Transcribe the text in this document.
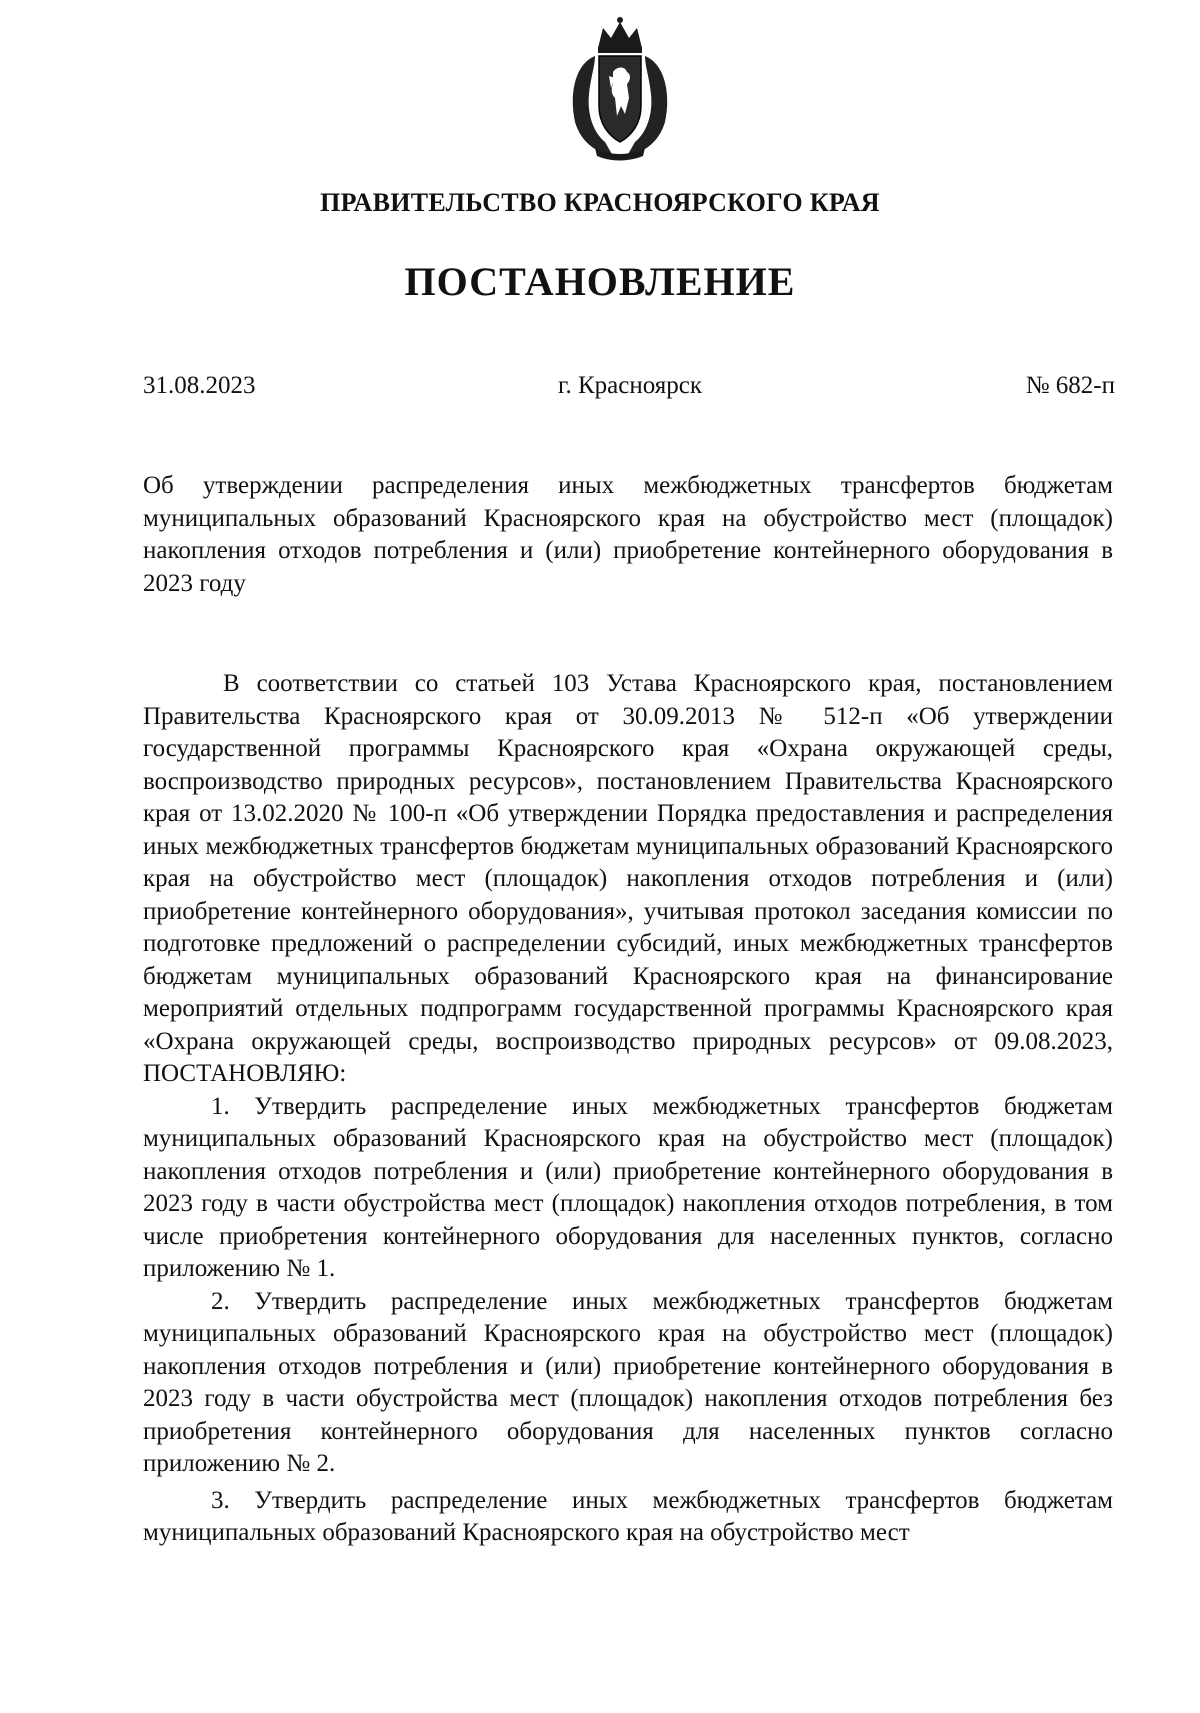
ПРАВИТЕЛЬСТВО КРАСНОЯРСКОГО КРАЯ
ПОСТАНОВЛЕНИЕ
г. Красноярск
31.08.2023	№ 682-п
Об утверждении распределения иных межбюджетных трансфертов бюджетам муниципальных образований Красноярского края на обустройство мест (площадок) накопления отходов потребления и (или) приобретение контейнерного оборудования в 2023 году

В соответствии со статьей 103 Устава Красноярского края, постановлением Правительства Красноярского края от 30.09.2013 № 512-п «Об утверждении государственной программы Красноярского края «Охрана окружающей среды, воспроизводство природных ресурсов», постановлением Правительства Красноярского края от 13.02.2020 № 100-п «Об утверждении Порядка предоставления и распределения иных межбюджетных трансфертов бюджетам муниципальных образований Красноярского края на обустройство мест (площадок) накопления отходов потребления и (или) приобретение контейнерного оборудования», учитывая протокол заседания комиссии по подготовке предложений о распределении субсидий, иных межбюджетных трансфертов бюджетам муниципальных образований Красноярского края на финансирование мероприятий отдельных подпрограмм государственной программы Красноярского края «Охрана окружающей среды, воспроизводство природных ресурсов» от 09.08.2023, ПОСТАНОВЛЯЮ:

1. Утвердить распределение иных межбюджетных трансфертов бюджетам муниципальных образований Красноярского края на обустройство мест (площадок) накопления отходов потребления и (или) приобретение контейнерного оборудования в 2023 году в части обустройства мест (площадок) накопления отходов потребления, в том числе приобретения контейнерного оборудования для населенных пунктов, согласно приложению № 1.

2. Утвердить распределение иных межбюджетных трансфертов бюджетам муниципальных образований Красноярского края на обустройство мест (площадок) накопления отходов потребления и (или) приобретение контейнерного оборудования в 2023 году в части обустройства мест (площадок) накопления отходов потребления без приобретения контейнерного оборудования для населенных пунктов согласно приложению № 2.

3. Утвердить распределение иных межбюджетных трансфертов бюджетам муниципальных образований Красноярского края на обустройство мест
